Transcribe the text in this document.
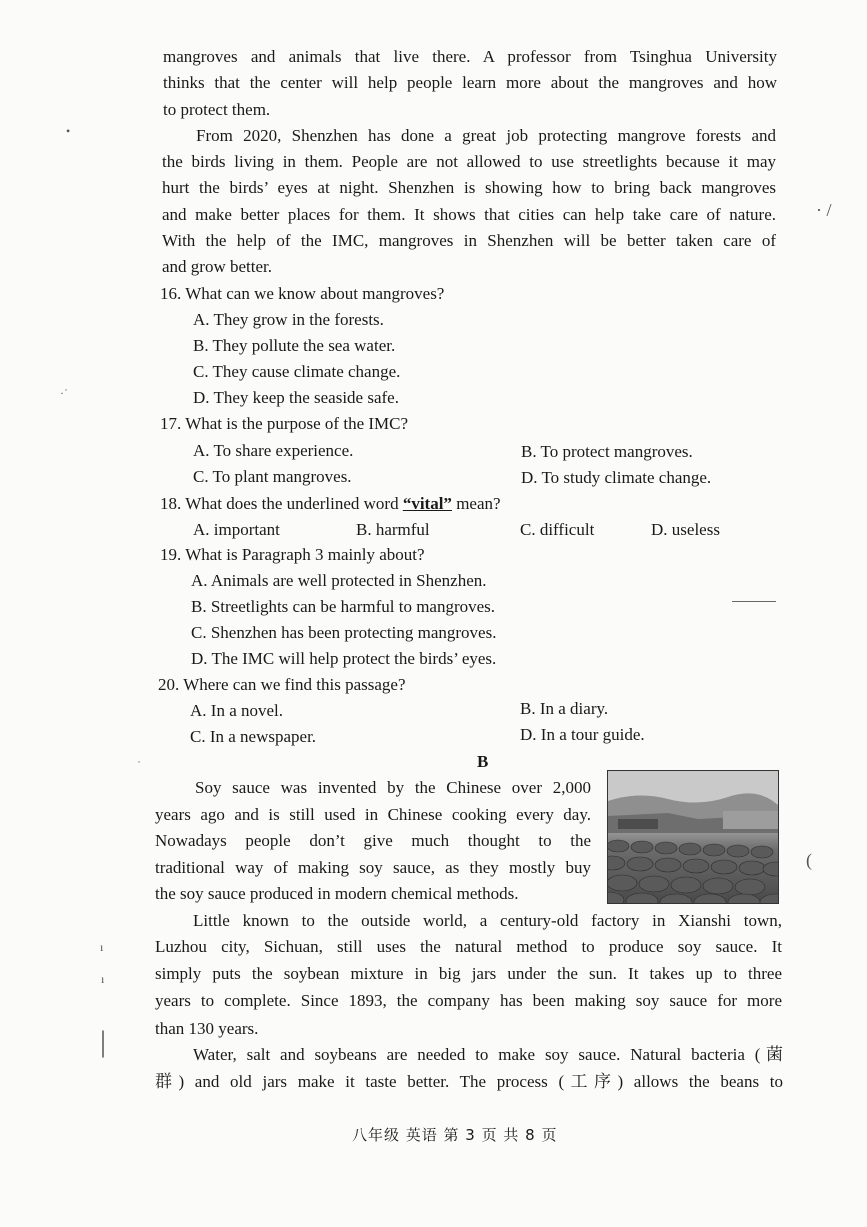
mangroves and animals that live there. A professor from Tsinghua University
thinks that the center will help people learn more about the mangroves and how
to protect them.
From 2020, Shenzhen has done a great job protecting mangrove forests and
the birds living in them. People are not allowed to use streetlights because it may
hurt the birds’ eyes at night. Shenzhen is showing how to bring back mangroves
and make better places for them. It shows that cities can help take care of nature.
With the help of the IMC, mangroves in Shenzhen will be better taken care of
and grow better.
16. What can we know about mangroves?
A. They grow in the forests.
B. They pollute the sea water.
C. They cause climate change.
D. They keep the seaside safe.
17. What is the purpose of the IMC?
A. To share experience.	B. To protect mangroves.
C. To plant mangroves.	D. To study climate change.
18. What does the underlined word “vital” mean?
A. important	B. harmful	C. difficult	D. useless
19. What is Paragraph 3 mainly about?
A. Animals are well protected in Shenzhen.
B. Streetlights can be harmful to mangroves.
C. Shenzhen has been protecting mangroves.
D. The IMC will help protect the birds’ eyes.
20. Where can we find this passage?
A. In a novel.	B. In a diary.
C. In a newspaper.	D. In a tour guide.
B
Soy sauce was invented by the Chinese over 2,000
years ago and is still used in Chinese cooking every day.
Nowadays people don’t give much thought to the
traditional way of making soy sauce, as they mostly buy
the soy sauce produced in modern chemical methods.
Little known to the outside world, a century-old factory in Xianshi town,
Luzhou city, Sichuan, still uses the natural method to produce soy sauce. It
simply puts the soybean mixture in big jars under the sun. It takes up to three
years to complete. Since 1893, the company has been making soy sauce for more
than 130 years.
Water, salt and soybeans are needed to make soy sauce. Natural bacteria (菌
群) and old jars make it taste better. The process (工序) allows the beans to
八年级 英语 第 3 页 共 8 页
•
·˙
˙
ı
ı
|
· /
(
